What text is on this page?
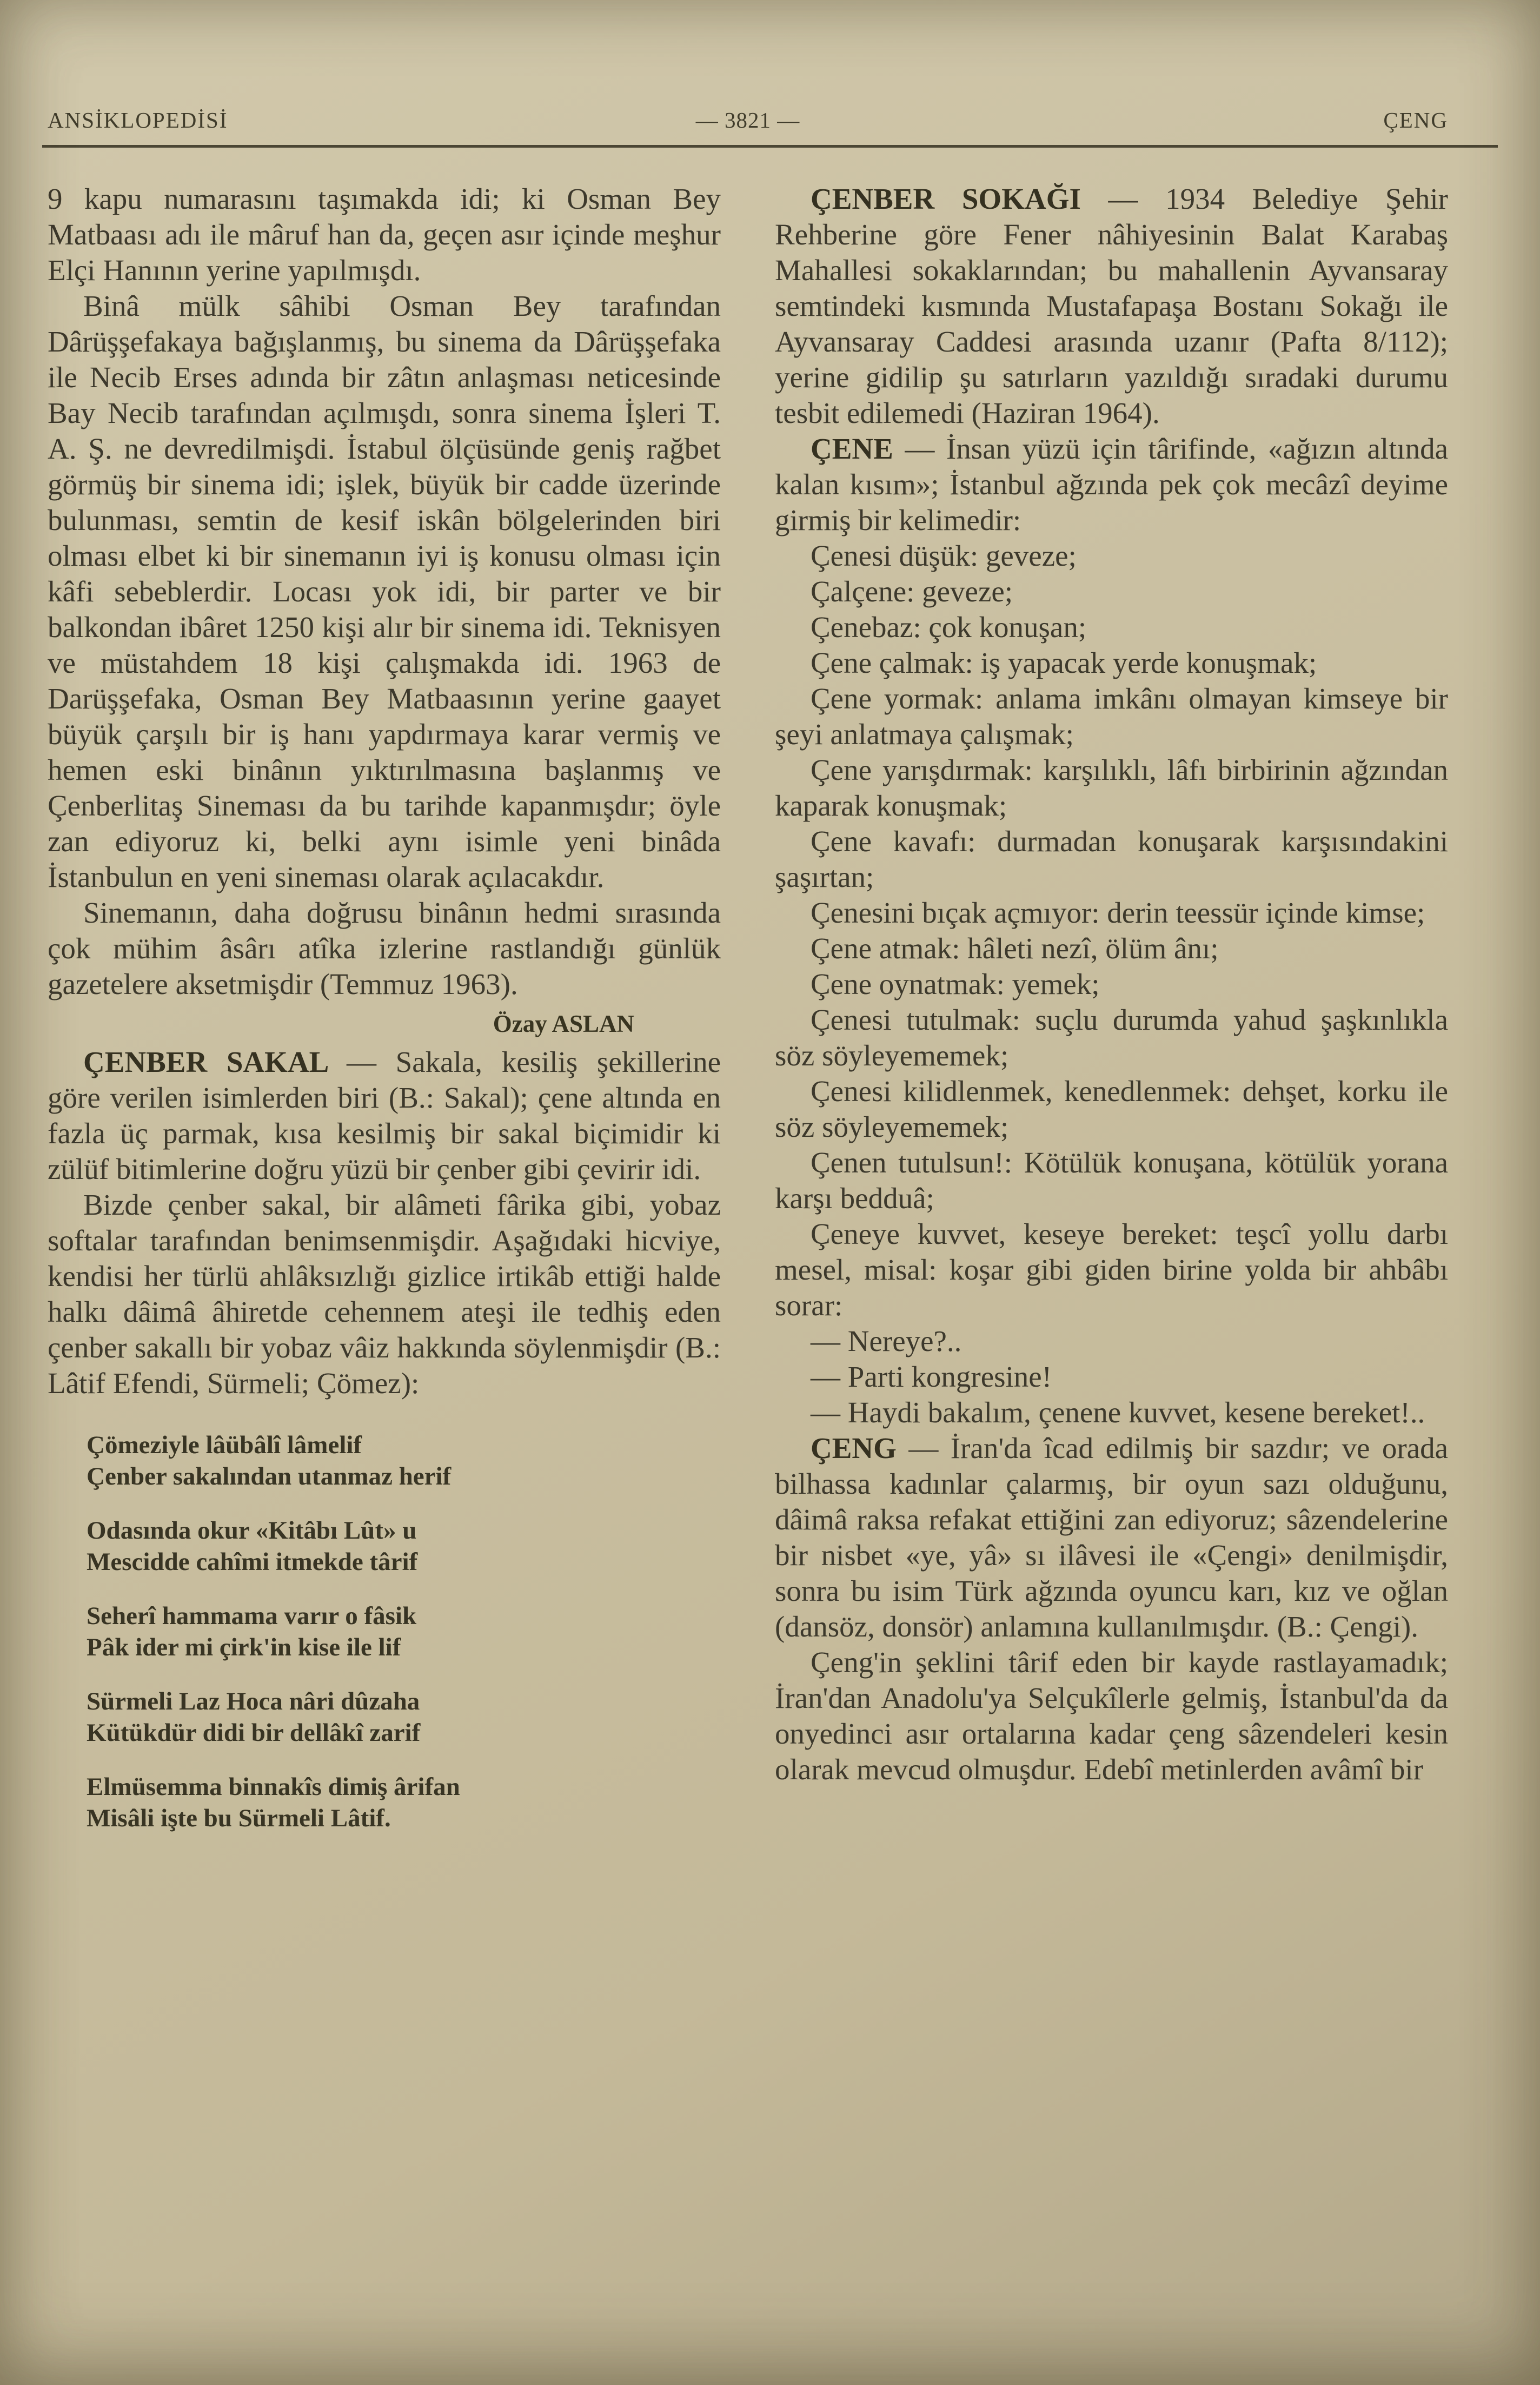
ANSİKLOPEDİSİ	— 3821 —	ÇENG

9 kapu numarasını taşımakda idi; ki Osman Bey Matbaası adı ile mâruf han da, geçen asır içinde meşhur Elçi Hanının yerine yapılmışdı.

Binâ mülk sâhibi Osman Bey tarafından Dârüşşefakaya bağışlanmış, bu sinema da Dârüşşefaka ile Necib Erses adında bir zâtın anlaşması neticesinde Bay Necib tarafından açılmışdı, sonra sinema İşleri T. A. Ş. ne devredilmişdi. İstabul ölçüsünde geniş rağbet görmüş bir sinema idi; işlek, büyük bir cadde üzerinde bulunması, semtin de kesif iskân bölgelerinden biri olması elbet ki bir sinemanın iyi iş konusu olması için kâfi sebeblerdir. Locası yok idi, bir parter ve bir balkondan ibâret 1250 kişi alır bir sinema idi. Teknisyen ve müstahdem 18 kişi çalışmakda idi. 1963 de Darüşşefaka, Osman Bey Matbaasının yerine gaayet büyük çarşılı bir iş hanı yapdırmaya karar vermiş ve hemen eski binânın yıktırılmasına başlanmış ve Çenberlitaş Sineması da bu tarihde kapanmışdır; öyle zan ediyoruz ki, belki aynı isimle yeni binâda İstanbulun en yeni sineması olarak açılacakdır.

Sinemanın, daha doğrusu binânın hedmi sırasında çok mühim âsârı atîka izlerine rastlandığı günlük gazetelere aksetmişdir (Temmuz 1963).

Özay ASLAN

ÇENBER SAKAL — Sakala, kesiliş şekillerine göre verilen isimlerden biri (B.: Sakal); çene altında en fazla üç parmak, kısa kesilmiş bir sakal biçimidir ki zülüf bitimlerine doğru yüzü bir çenber gibi çevirir idi.

Bizde çenber sakal, bir alâmeti fârika gibi, yobaz softalar tarafından benimsenmişdir. Aşağıdaki hicviye, kendisi her türlü ahlâksızlığı gizlice irtikâb ettiği halde halkı dâimâ âhiretde cehennem ateşi ile tedhiş eden çenber sakallı bir yobaz vâiz hakkında söylenmişdir (B.: Lâtif Efendi, Sürmeli; Çömez):

Çömeziyle lâübâlî lâmelif
Çenber sakalından utanmaz herif
Odasında okur «Kitâbı Lût» u
Mescidde cahîmi itmekde târif
Seherî hammama varır o fâsik
Pâk ider mi çirk'in kise ile lif
Sürmeli Laz Hoca nâri dûzaha
Kütükdür didi bir dellâkî zarif
Elmüsemma binnakîs dimiş ârifan
Misâli işte bu Sürmeli Lâtif.

ÇENBER SOKAĞI — 1934 Belediye Şehir Rehberine göre Fener nâhiyesinin Balat Karabaş Mahallesi sokaklarından; bu mahallenin Ayvansaray semtindeki kısmında Mustafapaşa Bostanı Sokağı ile Ayvansaray Caddesi arasında uzanır (Pafta 8/112); yerine gidilip şu satırların yazıldığı sıradaki durumu tesbit edilemedi (Haziran 1964).

ÇENE — İnsan yüzü için târifinde, «ağızın altında kalan kısım»; İstanbul ağzında pek çok mecâzî deyime girmiş bir kelimedir:

Çenesi düşük: geveze;

Çalçene: geveze;

Çenebaz: çok konuşan;

Çene çalmak: iş yapacak yerde konuşmak;

Çene yormak: anlama imkânı olmayan kimseye bir şeyi anlatmaya çalışmak;

Çene yarışdırmak: karşılıklı, lâfı birbirinin ağzından kaparak konuşmak;

Çene kavafı: durmadan konuşarak karşısındakini şaşırtan;

Çenesini bıçak açmıyor: derin teessür içinde kimse;

Çene atmak: hâleti nezî, ölüm ânı;

Çene oynatmak: yemek;

Çenesi tutulmak: suçlu durumda yahud şaşkınlıkla söz söyleyememek;

Çenesi kilidlenmek, kenedlenmek: dehşet, korku ile söz söyleyememek;

Çenen tutulsun!: Kötülük konuşana, kötülük yorana karşı bedduâ;

Çeneye kuvvet, keseye bereket: teşcî yollu darbı mesel, misal: koşar gibi giden birine yolda bir ahbâbı sorar:

— Nereye?..

— Parti kongresine!

— Haydi bakalım, çenene kuvvet, kesene bereket!..

ÇENG — İran'da îcad edilmiş bir sazdır; ve orada bilhassa kadınlar çalarmış, bir oyun sazı olduğunu, dâimâ raksa refakat ettiğini zan ediyoruz; sâzendelerine bir nisbet «ye, yâ» sı ilâvesi ile «Çengi» denilmişdir, sonra bu isim Türk ağzında oyuncu karı, kız ve oğlan (dansöz, donsör) anlamına kullanılmışdır. (B.: Çengi).

Çeng'in şeklini târif eden bir kayde rastlayamadık; İran'dan Anadolu'ya Selçukîlerle gelmiş, İstanbul'da da onyedinci asır ortalarına kadar çeng sâzendeleri kesin olarak mevcud olmuşdur. Edebî metinlerden avâmî bir
